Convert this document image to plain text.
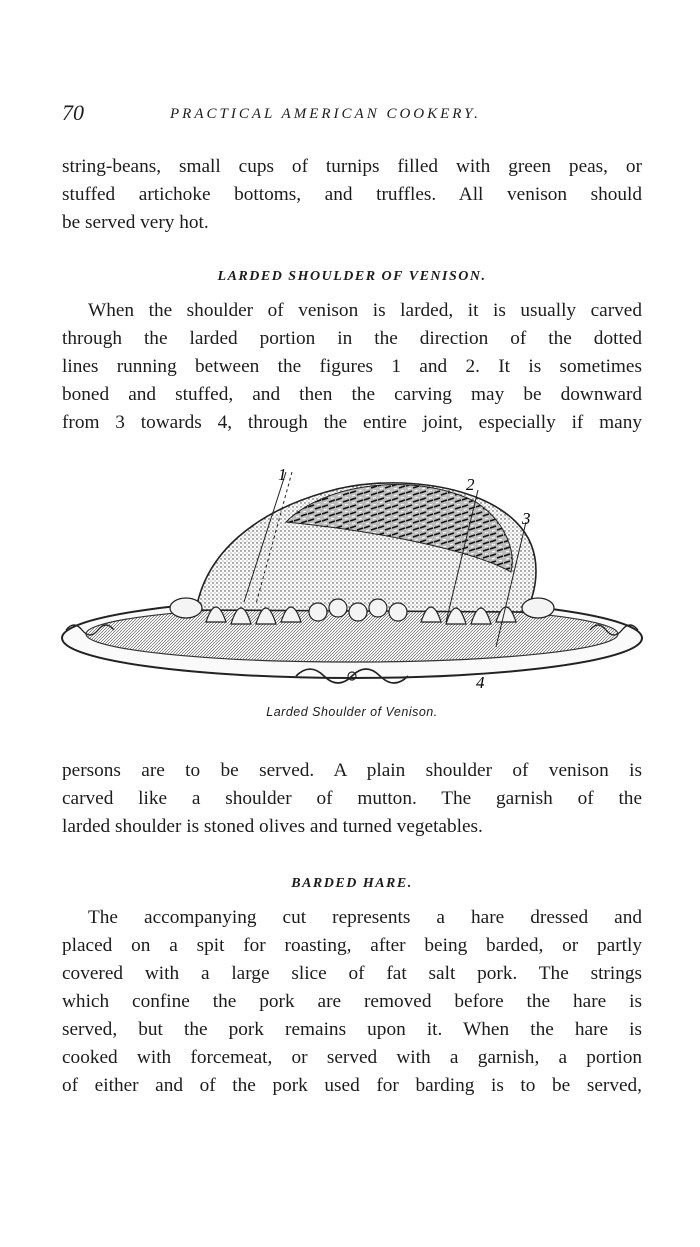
70	PRACTICAL AMERICAN COOKERY.

string-beans, small cups of turnips filled with green peas, or
stuffed artichoke bottoms, and truffles. All venison should
be served very hot.

LARDED SHOULDER OF VENISON.

When the shoulder of venison is larded, it is usually carved
through the larded portion in the direction of the dotted
lines running between the figures 1 and 2. It is sometimes
boned and stuffed, and then the carving may be downward
from 3 towards 4, through the entire joint, especially if many

1
2
3
4
Larded Shoulder of Venison.

persons are to be served. A plain shoulder of venison is
carved like a shoulder of mutton. The garnish of the
larded shoulder is stoned olives and turned vegetables.

BARDED HARE.

The accompanying cut represents a hare dressed and
placed on a spit for roasting, after being barded, or partly
covered with a large slice of fat salt pork. The strings
which confine the pork are removed before the hare is
served, but the pork remains upon it. When the hare is
cooked with forcemeat, or served with a garnish, a portion
of either and of the pork used for barding is to be served,
